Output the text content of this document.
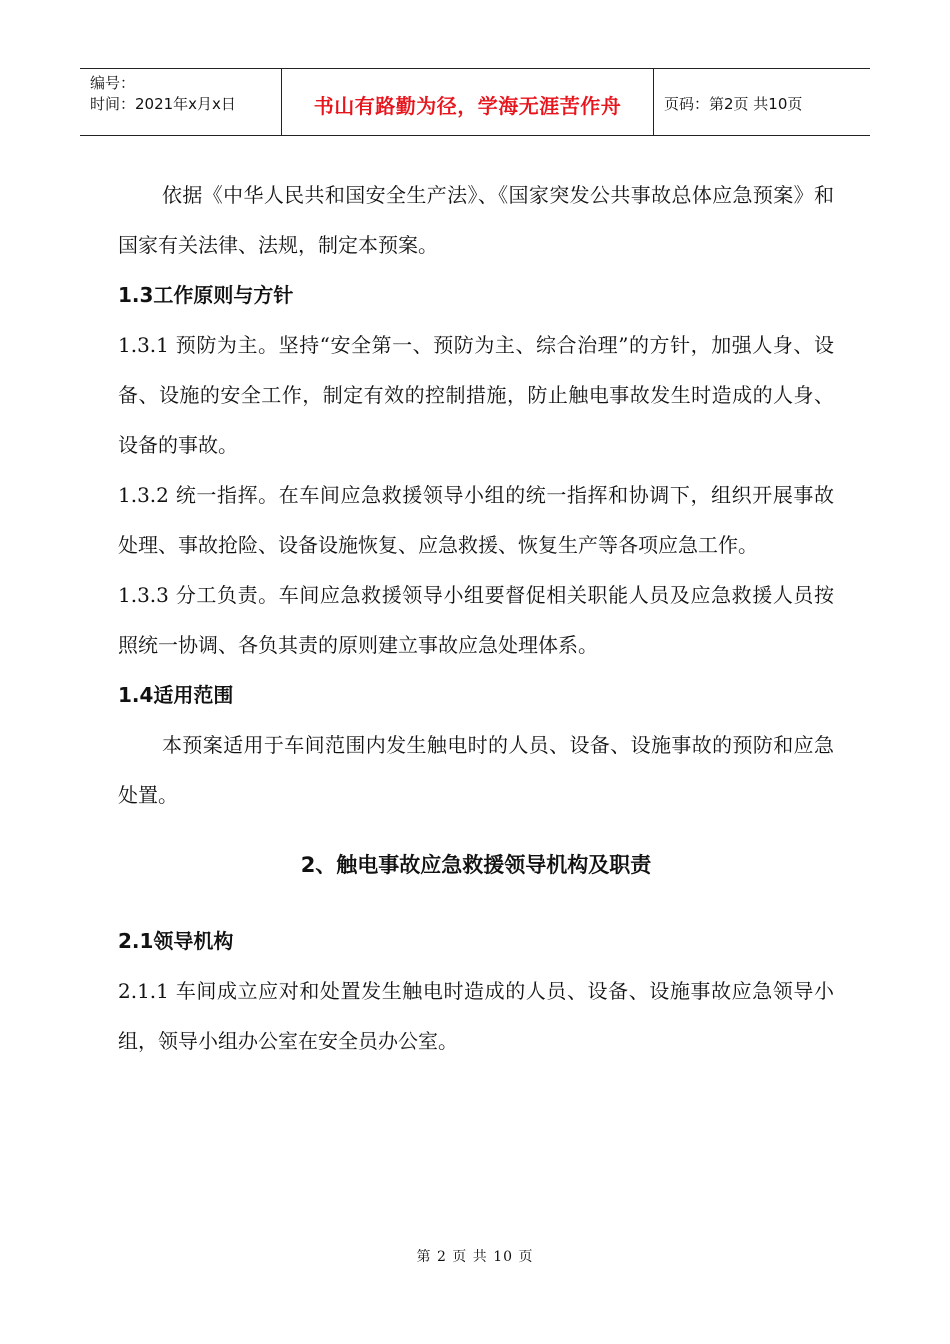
编号：
时间：2021年x月x日	书山有路勤为径，学海无涯苦作舟	页码：第2页 共10页

依据《中华人民共和国安全生产法》、《国家突发公共事故总体应急预案》和国家有关法律、法规，制定本预案。

1.3工作原则与方针

1.3.1 预防为主。坚持“安全第一、预防为主、综合治理”的方针，加强人身、设备、设施的安全工作，制定有效的控制措施，防止触电事故发生时造成的人身、设备的事故。

1.3.2 统一指挥。在车间应急救援领导小组的统一指挥和协调下，组织开展事故处理、事故抢险、设备设施恢复、应急救援、恢复生产等各项应急工作。

1.3.3 分工负责。车间应急救援领导小组要督促相关职能人员及应急救援人员按照统一协调、各负其责的原则建立事故应急处理体系。

1.4适用范围

本预案适用于车间范围内发生触电时的人员、设备、设施事故的预防和应急处置。

2、触电事故应急救援领导机构及职责

2.1领导机构

2.1.1 车间成立应对和处置发生触电时造成的人员、设备、设施事故应急领导小组，领导小组办公室在安全员办公室。

第 2 页 共 10 页
